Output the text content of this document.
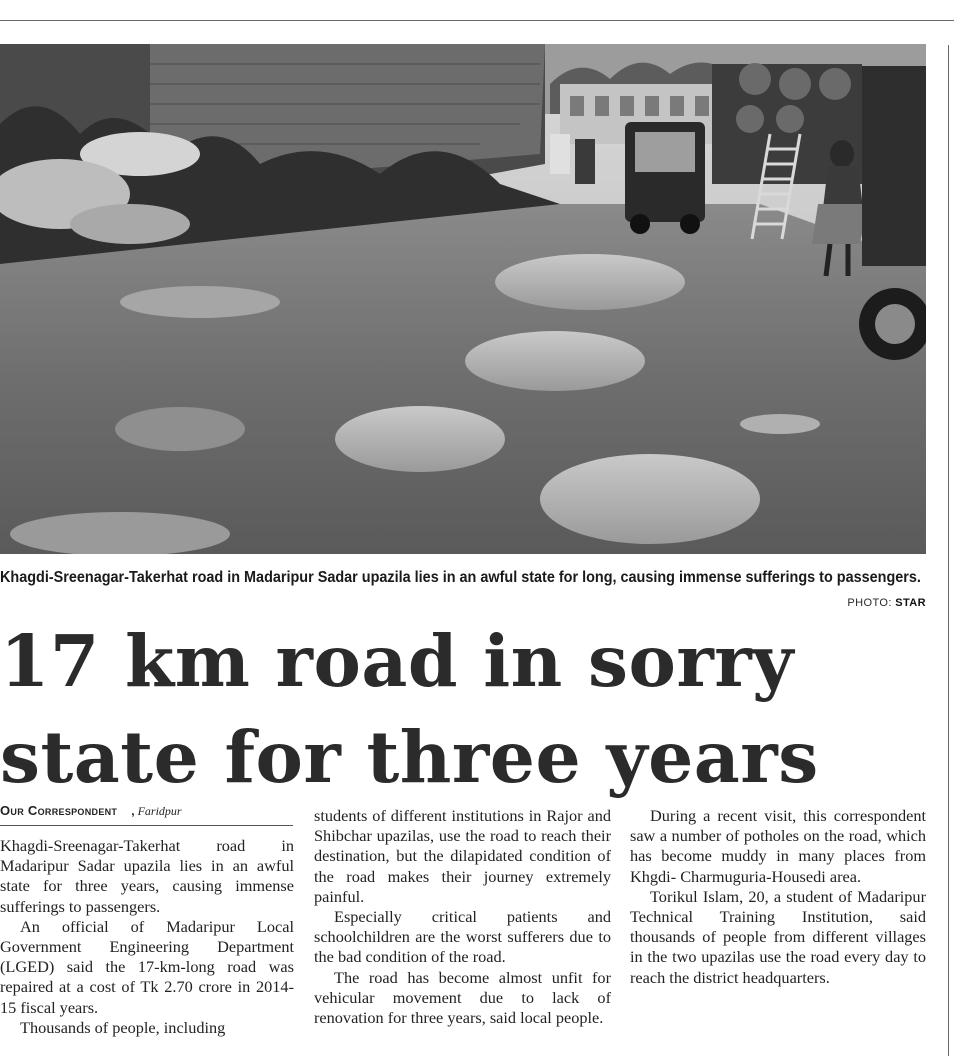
Khagdi-Sreenagar-Takerhat road in Madaripur Sadar upazila lies in an awful state for long, causing immense sufferings to passengers.
PHOTO: STAR
17 km road in sorry state for three years
Our Correspondent , Faridpur

Khagdi-Sreenagar-Takerhat road in Madaripur Sadar upazila lies in an awful state for three years, causing immense sufferings to passengers.

An official of Madaripur Local Government Engineering Department (LGED) said the 17-km-long road was repaired at a cost of Tk 2.70 crore in 2014-15 fiscal years.

Thousands of people, including

students of different institutions in Rajor and Shibchar upazilas, use the road to reach their destination, but the dilapidated condition of the road makes their journey extremely painful.

Especially critical patients and schoolchildren are the worst sufferers due to the bad condition of the road.

The road has become almost unfit for vehicular movement due to lack of renovation for three years, said local people.

During a recent visit, this correspondent saw a number of potholes on the road, which has become muddy in many places from Khgdi- Charmuguria-Housedi area.

Torikul Islam, 20, a student of Madaripur Technical Training Institution, said thousands of people from different villages in the two upazilas use the road every day to reach the district headquarters.
